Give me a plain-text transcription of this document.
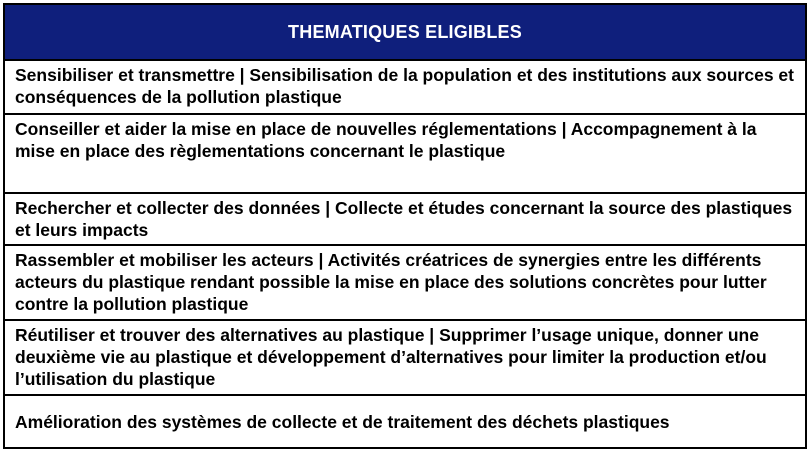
THEMATIQUES ELIGIBLES
Sensibiliser et transmettre | Sensibilisation de la population et des institutions aux sources et conséquences de la pollution plastique
Conseiller et aider la mise en place de nouvelles réglementations | Accompagnement à la mise en place des règlementations concernant le plastique
Rechercher et collecter des données | Collecte et études concernant la source des plastiques et leurs impacts
Rassembler et mobiliser les acteurs | Activités créatrices de synergies entre les différents acteurs du plastique rendant possible la mise en place des solutions concrètes pour lutter contre la pollution plastique
Réutiliser et trouver des alternatives au plastique | Supprimer l’usage unique, donner une deuxième vie au plastique et développement d’alternatives pour limiter la production et/ou l’utilisation du plastique
Amélioration des systèmes de collecte et de traitement des déchets plastiques
